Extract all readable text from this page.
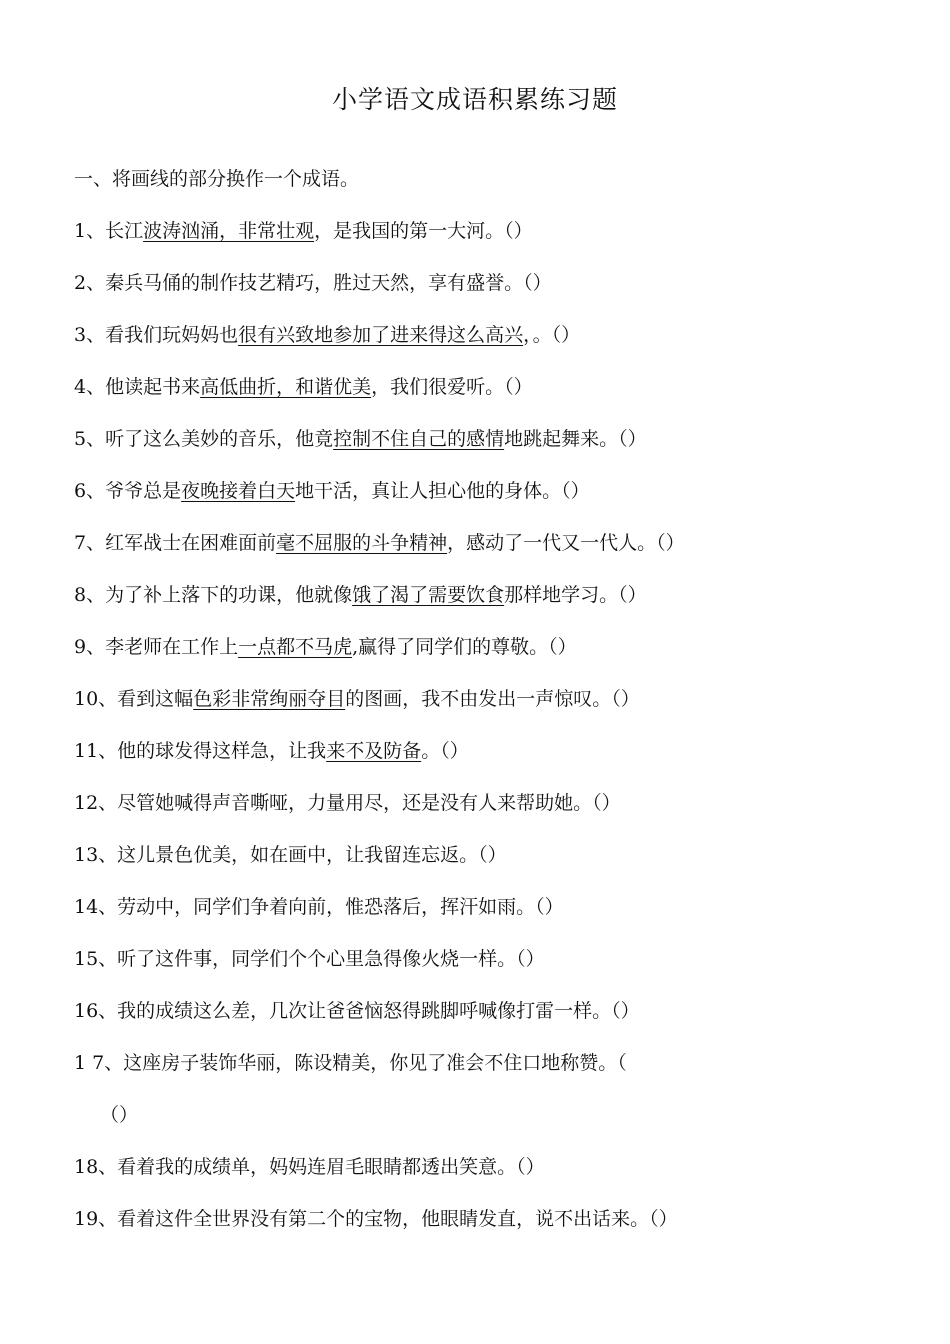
小学语文成语积累练习题
一、将画线的部分换作一个成语。
1、长江波涛汹涌，非常壮观，是我国的第一大河。（）
2、秦兵马俑的制作技艺精巧，胜过天然，享有盛誉。（）
3、看我们玩妈妈也很有兴致地参加了进来得这么高兴，。（）
4、他读起书来高低曲折，和谐优美，我们很爱听。（）
5、听了这么美妙的音乐，他竟控制不住自己的感情地跳起舞来。（）
6、爷爷总是夜晚接着白天地干活，真让人担心他的身体。（）
7、红军战士在困难面前毫不屈服的斗争精神，感动了一代又一代人。（）
8、为了补上落下的功课，他就像饿了渴了需要饮食那样地学习。（）
9、李老师在工作上一点都不马虎,赢得了同学们的尊敬。（）
10、看到这幅色彩非常绚丽夺目的图画，我不由发出一声惊叹。（）
11、他的球发得这样急，让我来不及防备。（）
12、尽管她喊得声音嘶哑，力量用尽，还是没有人来帮助她。（）
13、这儿景色优美，如在画中，让我留连忘返。（）
14、劳动中，同学们争着向前，惟恐落后，挥汗如雨。（）
15、听了这件事，同学们个个心里急得像火烧一样。（）
16、我的成绩这么差，几次让爸爸恼怒得跳脚呼喊像打雷一样。（）
1 7、这座房子装饰华丽，陈设精美，你见了准会不住口地称赞。（
（）
18、看着我的成绩单，妈妈连眉毛眼睛都透出笑意。（）
19、看着这件全世界没有第二个的宝物，他眼睛发直，说不出话来。（）
